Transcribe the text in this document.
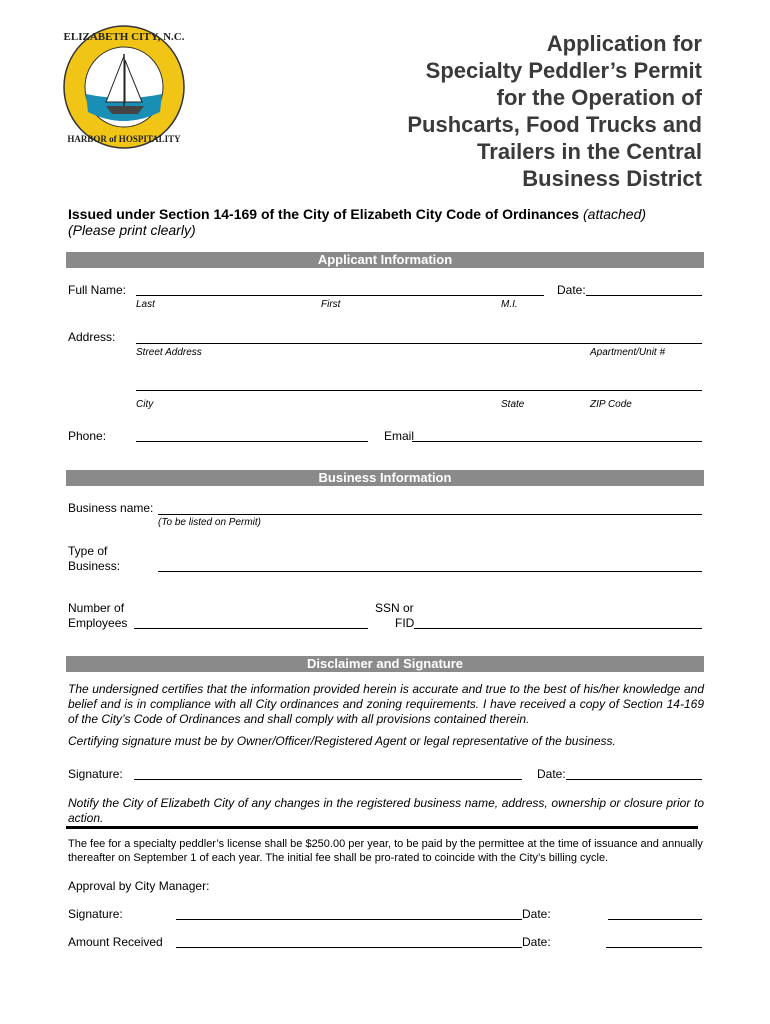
ELIZABETH CITY, N.C.
HARBOR of HOSPITALITY
Application for
Specialty Peddler’s Permit
for the Operation of
Pushcarts, Food Trucks and
Trailers in the Central
Business District
Issued under Section 14-169 of the City of Elizabeth City Code of Ordinances (attached)
(Please print clearly)
Applicant Information
Full Name:	Date:
Last	First	M.I.
Address:
Street Address	Apartment/Unit #
City	State	ZIP Code
Phone:	Email
Business Information
Business name:
(To be listed on Permit)
Type of
Business:
Number of
Employees
SSN or
FID
Disclaimer and Signature
The undersigned certifies that the information provided herein is accurate and true to the best of his/her knowledge and belief and is in compliance with all City ordinances and zoning requirements. I have received a copy of Section 14-169 of the City’s Code of Ordinances and shall comply with all provisions contained therein.
Certifying signature must be by Owner/Officer/Registered Agent or legal representative of the business.
Signature:	Date:
Notify the City of Elizabeth City of any changes in the registered business name, address, ownership or closure prior to action.
The fee for a specialty peddler’s license shall be $250.00 per year, to be paid by the permittee at the time of issuance and annually thereafter on September 1 of each year. The initial fee shall be pro-rated to coincide with the City’s billing cycle.
Approval by City Manager:
Signature:	Date:
Amount Received	Date:
